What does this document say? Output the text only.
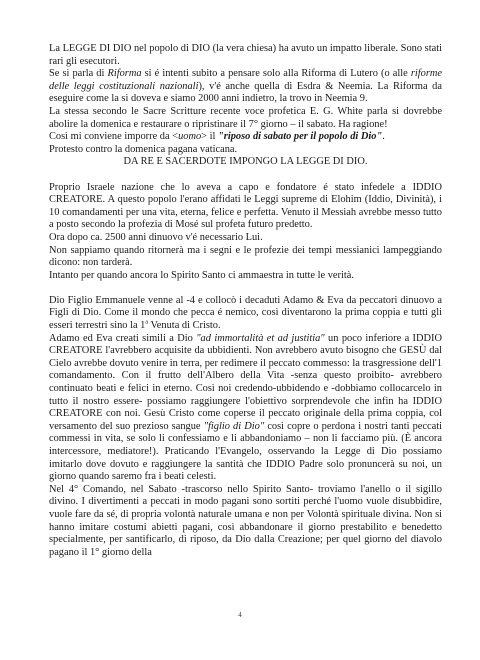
La LEGGE DI DIO nel popolo di DIO (la vera chiesa) ha avuto un impatto liberale. Sono stati rari gli esecutori.

Se si parla di Riforma si é intenti subito a pensare solo alla Riforma di Lutero (o alle riforme delle leggi costituzionali nazionali), v'é anche quella di Esdra & Neemia. La Riforma da eseguire come la si doveva e siamo 2000 anni indietro, la trovo in Neemia 9.

La stessa secondo le Sacre Scritture recente voce profetica E. G. White parla si dovrebbe abolire la domenica e restaurare o ripristinare il 7° giorno – il sabato. Ha ragione!

Così mi conviene imporre da <uomo> il "riposo di sabato per il popolo di Dio".

Protesto contro la domenica pagana vaticana.

DA RE E SACERDOTE IMPONGO LA LEGGE DI DIO.

Proprio Israele nazione che lo aveva a capo e fondatore é stato infedele a IDDIO CREATORE. A questo popolo l'erano affidati le Leggi supreme di Elohim (Iddio, Divinità), i 10 comandamenti per una vita, eterna, felice e perfetta. Venuto il Messiah avrebbe messo tutto a posto secondo la profezia di Mosé sul profeta futuro predetto.

Ora dopo ca. 2500 anni dinuovo v'é necessario Lui.

Non sappiamo quando ritornerà ma i segni e le profezie dei tempi messianici lampeggiando dicono: non tarderà.

Intanto per quando ancora lo Spirito Santo ci ammaestra in tutte le verità.

Dio Figlio Emmanuele venne al -4 e collocò i decaduti Adamo & Eva da peccatori dinuovo a Figli di Dio. Come il mondo che pecca é nemico, così diventarono la prima coppia e tutti gli esseri terrestri sino la 1$^a$ Venuta di Cristo.

Adamo ed Eva creati simili a Dio "ad immortalità et ad justitia" un poco inferiore a IDDIO CREATORE l'avrebbero acquisite da ubbidienti. Non avrebbero avuto bisogno che GESÙ dal Cielo avrebbe dovuto venire in terra, per redimere il peccato commesso: la trasgressione dell'1 comandamento. Con il frutto dell'Albero della Vita -senza questo proibito- avrebbero continuato beati e felici in eterno. Così noi credendo-ubbidendo e -dobbiamo collocarcelo in tutto il nostro essere- possiamo raggiungere l'obiettivo sorprendevole che infin ha IDDIO CREATORE con noi. Gesù Cristo come coperse il peccato originale della prima coppia, col versamento del suo prezioso sangue "figlio di Dio" così copre o perdona i nostri tanti peccati commessi in vita, se solo li confessiamo e li abbandoniamo – non li facciamo più. (È ancora intercessore, mediatore!). Praticando l'Evangelo, osservando la Legge di Dio possiamo imitarlo dove dovuto e raggiungere la santità che IDDIO Padre solo pronuncerà su noi, un giorno quando saremo fra i beati celesti.

Nel 4° Comando, nel Sabato -trascorso nello Spirito Santo- troviamo l'anello o il sigillo divino. I divertimenti a peccati in modo pagani sono sortiti perché l'uomo vuole disubbidire, vuole fare da sé, di propria volontà naturale umana e non per Volontà spirituale divina. Non si hanno imitare costumi abietti pagani, così abbandonare il giorno prestabilito e benedetto specialmente, per santificarlo, di riposo, da Dio dalla Creazione; per quel giorno del diavolo pagano il 1° giorno della

4
